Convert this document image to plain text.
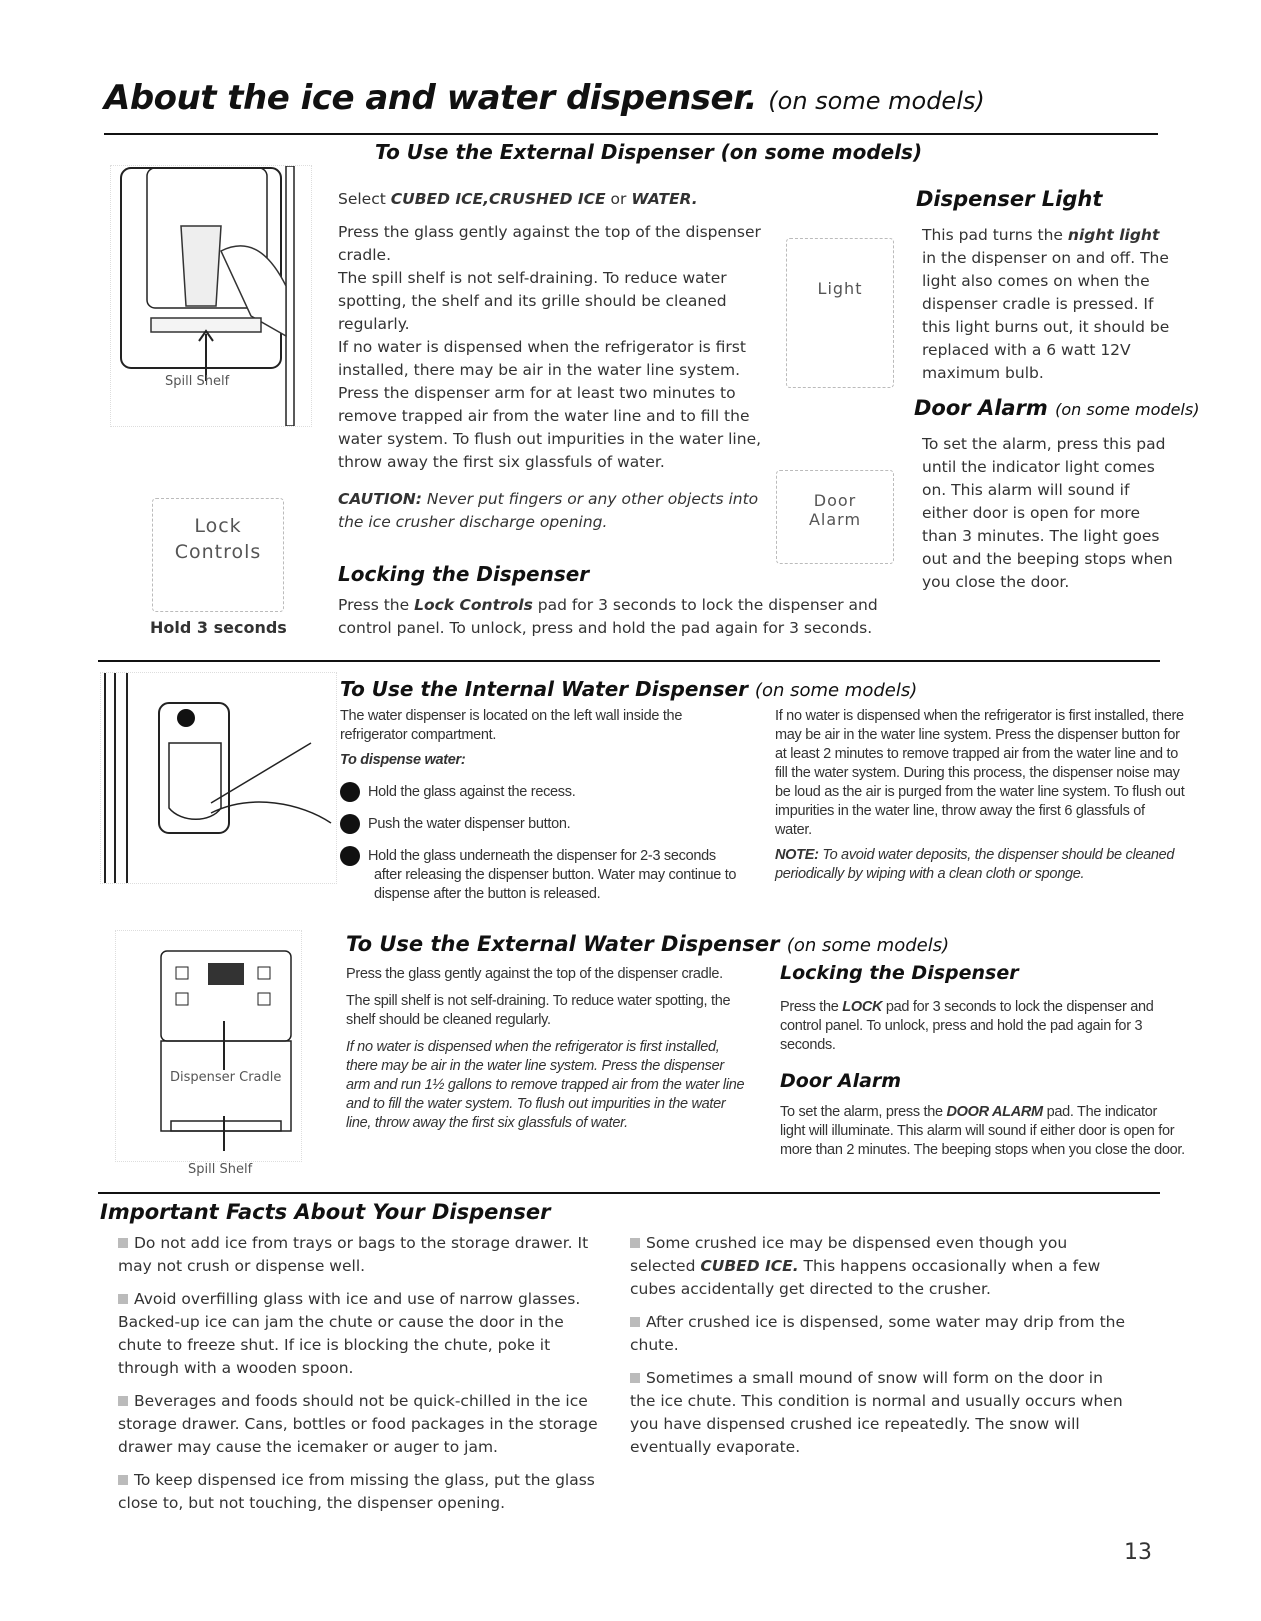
About the ice and water dispenser. (on some models)
To Use the External Dispenser (on some models)
Spill Shelf
Lock
Controls
Hold 3 seconds

Select CUBED ICE,CRUSHED ICE or WATER.

Press the glass gently against the top of the dispenser cradle.

The spill shelf is not self-draining. To reduce water spotting, the shelf and its grille should be cleaned regularly.

If no water is dispensed when the refrigerator is first installed, there may be air in the water line system. Press the dispenser arm for at least two minutes to remove trapped air from the water line and to fill the water system. To flush out impurities in the water line, throw away the first six glassfuls of water.

CAUTION: Never put fingers or any other objects into the ice crusher discharge opening.

Locking the Dispenser

Press the Lock Controls pad for 3 seconds to lock the dispenser and control panel. To unlock, press and hold the pad again for 3 seconds.

Light
Door
Alarm
Dispenser Light

This pad turns the night light in the dispenser on and off. The light also comes on when the dispenser cradle is pressed. If this light burns out, it should be replaced with a 6 watt 12V maximum bulb.

Door Alarm (on some models)
To set the alarm, press this pad until the indicator light comes on. This alarm will sound if either door is open for more than 3 minutes. The light goes out and the beeping stops when you close the door.
To Use the Internal Water Dispenser (on some models)

The water dispenser is located on the left wall inside the refrigerator compartment.

To dispense water:

1 Hold the glass against the recess.

2 Push the water dispenser button.

3 Hold the glass underneath the dispenser for 2-3 seconds after releasing the dispenser button. Water may continue to dispense after the button is released.

If no water is dispensed when the refrigerator is first installed, there may be air in the water line system. Press the dispenser button for at least 2 minutes to remove trapped air from the water line and to fill the water system. During this process, the dispenser noise may be loud as the air is purged from the water line system. To flush out impurities in the water line, throw away the first 6 glassfuls of water.

NOTE: To avoid water deposits, the dispenser should be cleaned periodically by wiping with a clean cloth or sponge.

Dispenser Cradle
Spill Shelf
To Use the External Water Dispenser (on some models)

Press the glass gently against the top of the dispenser cradle.

The spill shelf is not self-draining. To reduce water spotting, the shelf should be cleaned regularly.

If no water is dispensed when the refrigerator is first installed, there may be air in the water line system. Press the dispenser arm and run 1½ gallons to remove trapped air from the water line and to fill the water system. To flush out impurities in the water line, throw away the first six glassfuls of water.

Locking the Dispenser

Press the LOCK pad for 3 seconds to lock the dispenser and control panel. To unlock, press and hold the pad again for 3 seconds.

Door Alarm

To set the alarm, press the DOOR ALARM pad. The indicator light will illuminate. This alarm will sound if either door is open for more than 2 minutes. The beeping stops when you close the door.

Important Facts About Your Dispenser
Do not add ice from trays or bags to the storage drawer. It may not crush or dispense well.
Avoid overfilling glass with ice and use of narrow glasses. Backed-up ice can jam the chute or cause the door in the chute to freeze shut. If ice is blocking the chute, poke it through with a wooden spoon.
Beverages and foods should not be quick-chilled in the ice storage drawer. Cans, bottles or food packages in the storage drawer may cause the icemaker or auger to jam.
To keep dispensed ice from missing the glass, put the glass close to, but not touching, the dispenser opening.
Some crushed ice may be dispensed even though you selected CUBED ICE. This happens occasionally when a few cubes accidentally get directed to the crusher.
After crushed ice is dispensed, some water may drip from the chute.
Sometimes a small mound of snow will form on the door in the ice chute. This condition is normal and usually occurs when you have dispensed crushed ice repeatedly. The snow will eventually evaporate.
13
